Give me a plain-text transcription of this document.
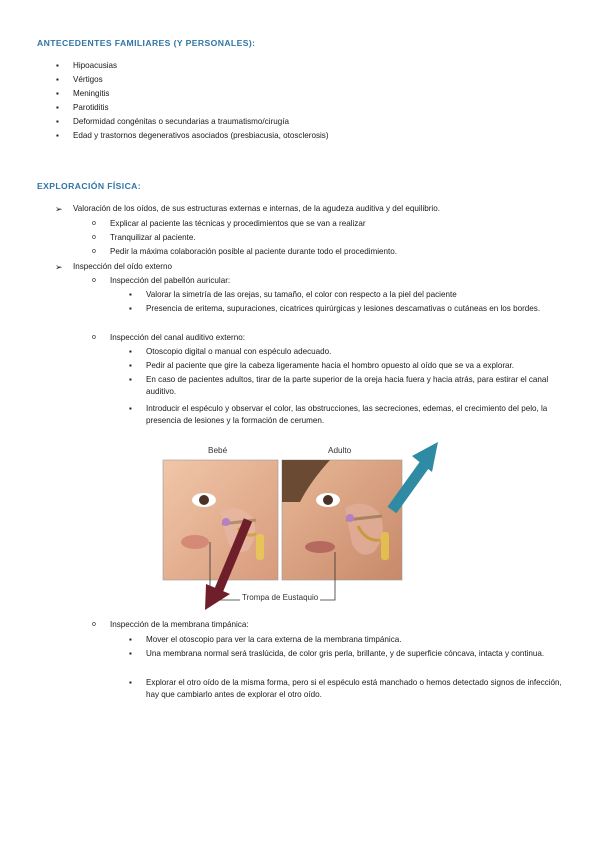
ANTECEDENTES FAMILIARES (Y PERSONALES):
▪ Hipoacusias
▪ Vértigos
▪ Meningitis
▪ Parotiditis
▪ Deformidad congénitas o secundarias a traumatismo/cirugía
▪ Edad y trastornos degenerativos asociados (presbiacusia, otosclerosis)
EXPLORACIÓN FÍSICA:
➢ Valoración de los oídos, de sus estructuras externas e internas, de la agudeza auditiva y del equilibrio.
o Explicar al paciente las técnicas y procedimientos que se van a realizar
o Tranquilizar al paciente.
o Pedir la máxima colaboración posible al paciente durante todo el procedimiento.
➢ Inspección del oído externo
o Inspección del pabellón auricular:
▪ Valorar la simetría de las orejas, su tamaño, el color con respecto a la piel del paciente
▪ Presencia de eritema, supuraciones, cicatrices quirúrgicas y lesiones descamativas o cutáneas en los bordes.
o Inspección del canal auditivo externo:
▪ Otoscopio digital o manual con espéculo adecuado.
▪ Pedir al paciente que gire la cabeza ligeramente hacia el hombro opuesto al oído que se va a explorar.
▪ En caso de pacientes adultos, tirar de la parte superior de la oreja hacia fuera y hacia atrás, para estirar el canal auditivo.
▪ Introducir el espéculo y observar el color, las obstrucciones, las secreciones, edemas, el crecimiento del pelo, la presencia de lesiones y la formación de cerumen.
Bebé	Adulto
Trompa de Eustaquio
o Inspección de la membrana timpánica:
▪ Mover el otoscopio para ver la cara externa de la membrana timpánica.
▪ Una membrana normal será traslúcida, de color gris perla, brillante, y de superficie cóncava, intacta y continua.
▪ Explorar el otro oído de la misma forma, pero si el espéculo está manchado o hemos detectado signos de infección, hay que cambiarlo antes de explorar el otro oído.
